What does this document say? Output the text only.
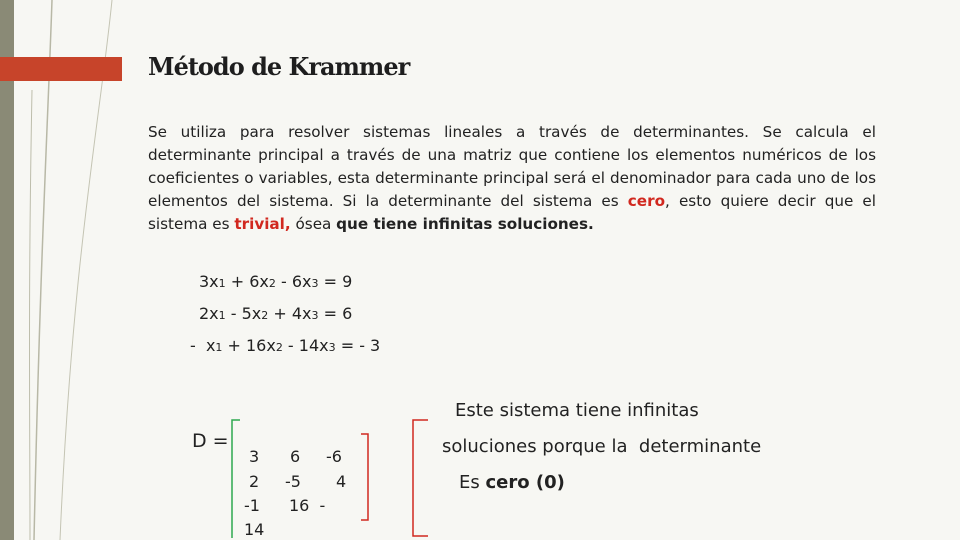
Método de Krammer
Se utiliza para resolver sistemas lineales a través de determinantes. Se calcula el determinante principal a través de una matriz que contiene los elementos numéricos de los coeficientes o variables, esta determinante principal será el denominador para cada uno de los elementos del sistema. Si la determinante del sistema es cero, esto quiere decir que el sistema es trivial, ósea que tiene infinitas soluciones.
3x1 + 6x2 - 6x3 = 9
2x1 - 5x2 + 4x3 = 6
-  x1 + 16x2 - 14x3 = - 3
Este sistema tiene infinitas
soluciones porque la  determinante
Es cero (0)
D =
3
2
-1
14
6
-5
16  -
-6
4
